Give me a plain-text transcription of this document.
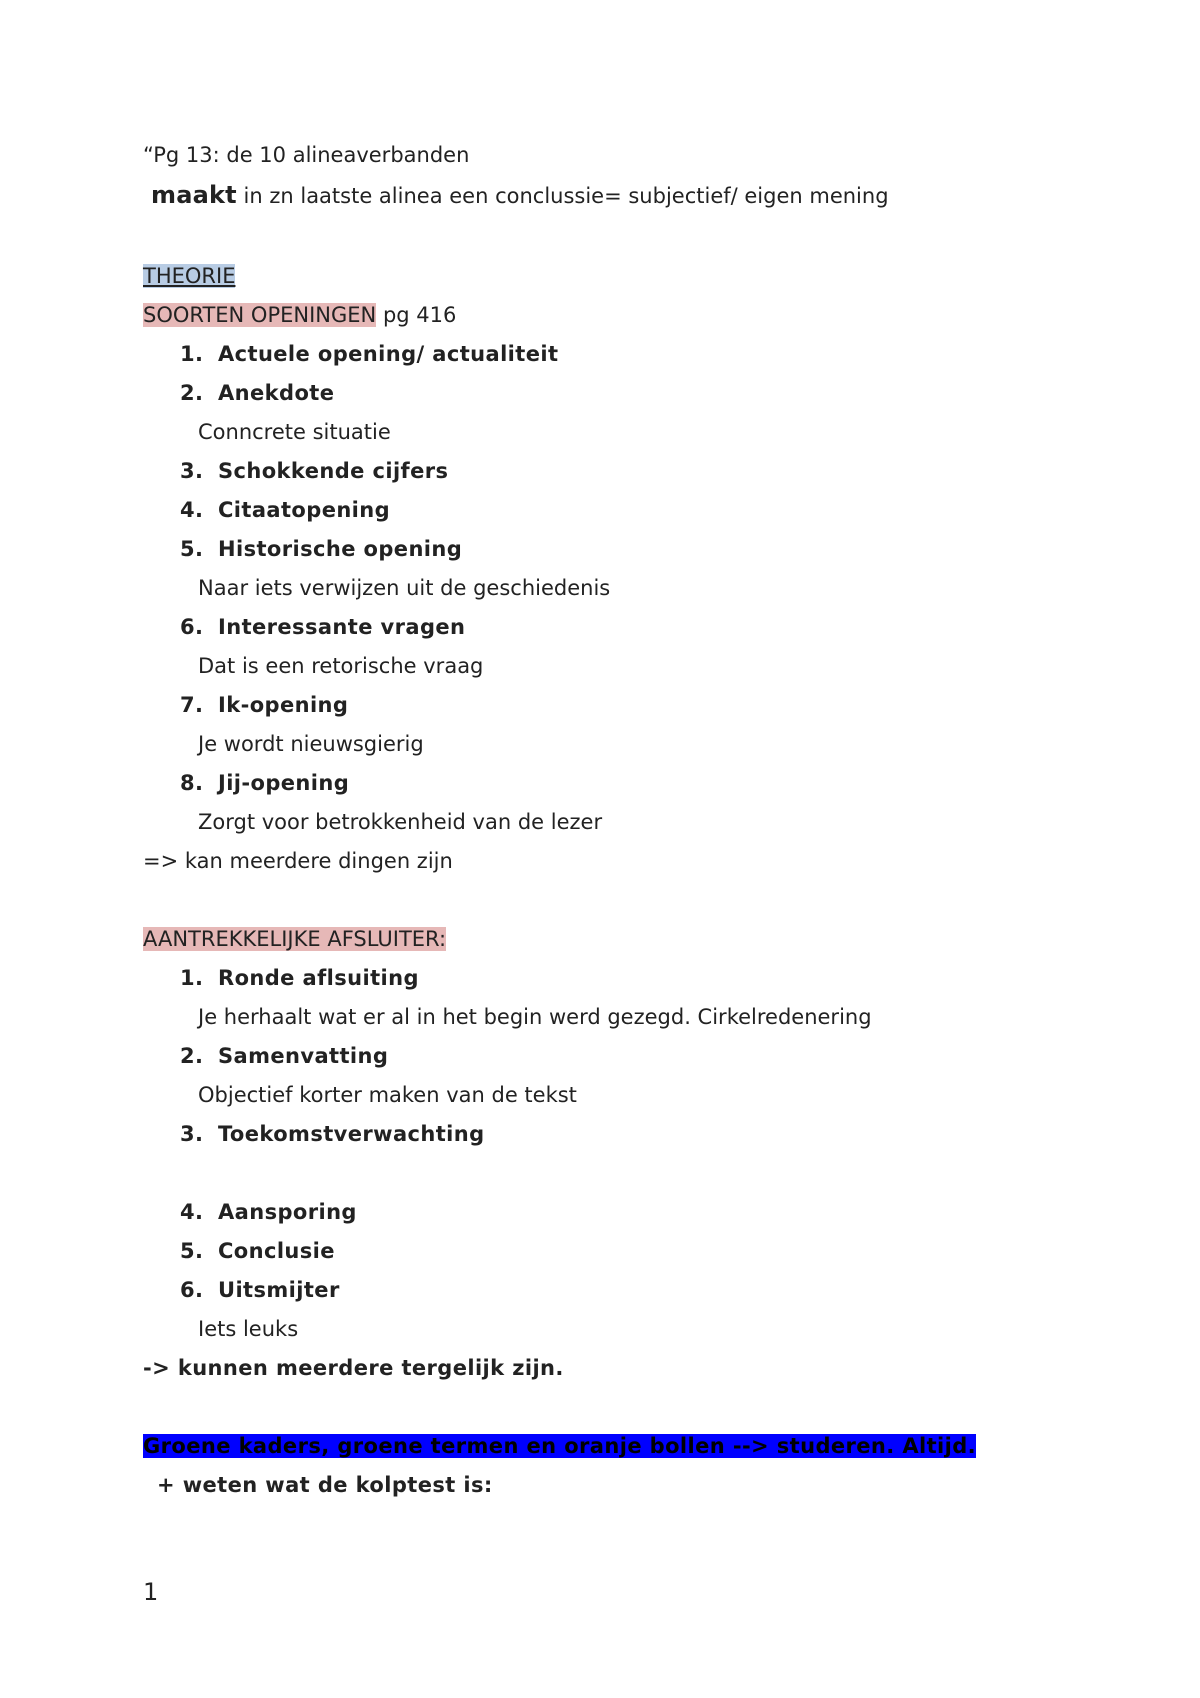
“Pg 13: de 10 alineaverbanden
maakt in zn laatste alinea een conclussie= subjectief/ eigen mening
THEORIE
SOORTEN OPENINGEN pg 416
1. Actuele opening/ actualiteit
2. Anekdote
Conncrete situatie
3. Schokkende cijfers
4. Citaatopening
5. Historische opening
Naar iets verwijzen uit de geschiedenis
6. Interessante vragen
Dat is een retorische vraag
7. Ik-opening
Je wordt nieuwsgierig
8. Jij-opening
Zorgt voor betrokkenheid van de lezer
=> kan meerdere dingen zijn
AANTREKKELIJKE AFSLUITER:
1. Ronde aflsuiting
Je herhaalt wat er al in het begin werd gezegd. Cirkelredenering
2. Samenvatting
Objectief korter maken van de tekst
3. Toekomstverwachting
4. Aansporing
5. Conclusie
6. Uitsmijter
Iets leuks
-> kunnen meerdere tergelijk zijn.
Groene kaders, groene termen en oranje bollen --> studeren. Altijd.
+ weten wat de kolptest is:
1
